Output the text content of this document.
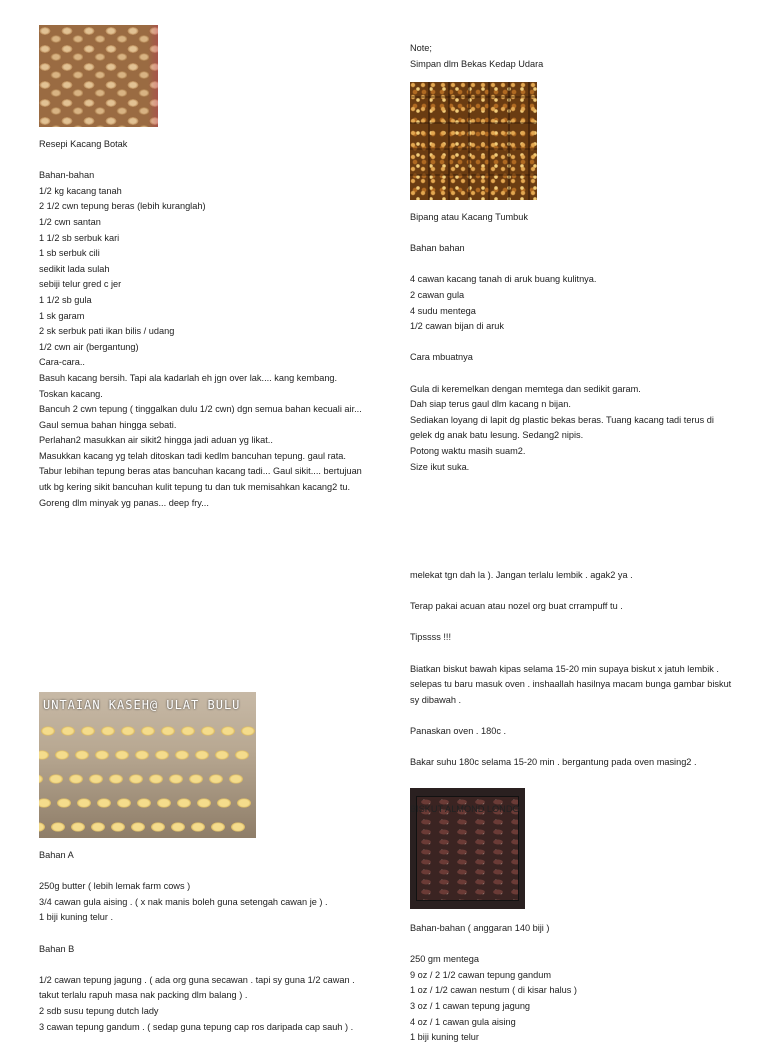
UNTAIAN KASEH@ ULAT BULU

Resepi Kacang Botak

Bahan-bahan

1/2 kg kacang tanah

2 1/2 cwn tepung beras (lebih kuranglah)

1/2 cwn santan

1 1/2 sb serbuk kari

1 sb serbuk cili

sedikit lada sulah

sebiji telur gred c jer

1 1/2 sb gula

1 sk garam

2 sk serbuk pati ikan bilis / udang

1/2 cwn air (bergantung)

Cara-cara..

Basuh kacang bersih. Tapi ala kadarlah eh jgn over lak.... kang kembang.

Toskan kacang.

Bancuh 2 cwn tepung ( tinggalkan dulu 1/2 cwn) dgn semua bahan kecuali air...

Gaul semua bahan hingga sebati.

Perlahan2 masukkan air sikit2 hingga jadi aduan yg likat..

Masukkan kacang yg telah ditoskan tadi kedlm bancuhan tepung. gaul rata.

Tabur lebihan tepung beras atas bancuhan kacang tadi... Gaul sikit.... bertujuan

utk bg kering sikit bancuhan kulit tepung tu dan tuk memisahkan kacang2 tu.

Goreng dlm minyak yg panas... deep fry...

Note;

Simpan dlm Bekas Kedap Udara

Bipang atau Kacang Tumbuk

Bahan bahan

4 cawan kacang tanah di aruk buang kulitnya.

2 cawan gula

4 sudu mentega

1/2 cawan bijan di aruk

Cara mbuatnya

Gula di keremelkan dengan memtega dan sedikit garam.

Dah siap terus gaul dlm kacang n bijan.

Sediakan loyang di lapit dg plastic bekas beras. Tuang kacang tadi terus di

gelek dg anak batu lesung. Sedang2 nipis.

Potong waktu masih suam2.

Size ikut suka.

melekat tgn dah la ). Jangan terlalu lembik . agak2 ya .

Terap pakai acuan atau nozel org buat crrampuff tu .

Tipssss !!!

Biatkan biskut bawah kipas selama 15-20 min supaya biskut x jatuh lembik .

selepas tu baru masuk oven . inshaallah hasilnya macam bunga gambar biskut

sy dibawah .

Panaskan oven . 180c .

Bakar suhu 180c selama 15-20 min . bergantung pada oven masing2 .

BISKUT ALMOND LONDO

Bahan-bahan ( anggaran 140 biji )

250 gm mentega

9 oz / 2 1/2 cawan tepung gandum

1 oz / 1/2 cawan nestum ( di kisar halus )

3 oz / 1 cawan tepung jagung

4 oz / 1 cawan gula aising

1 biji kuning telur

Bahan A

250g butter ( lebih lemak farm cows )

3/4 cawan gula aising . ( x nak manis boleh guna setengah cawan je ) .

1 biji kuning telur .

Bahan B

1/2 cawan tepung jagung . ( ada org guna secawan . tapi sy guna 1/2 cawan .

takut terlalu rapuh masa nak packing dlm balang ) .

2 sdb susu tepung dutch lady

3 cawan tepung gandum . ( sedap guna tepung cap ros daripada cap sauh ) .
